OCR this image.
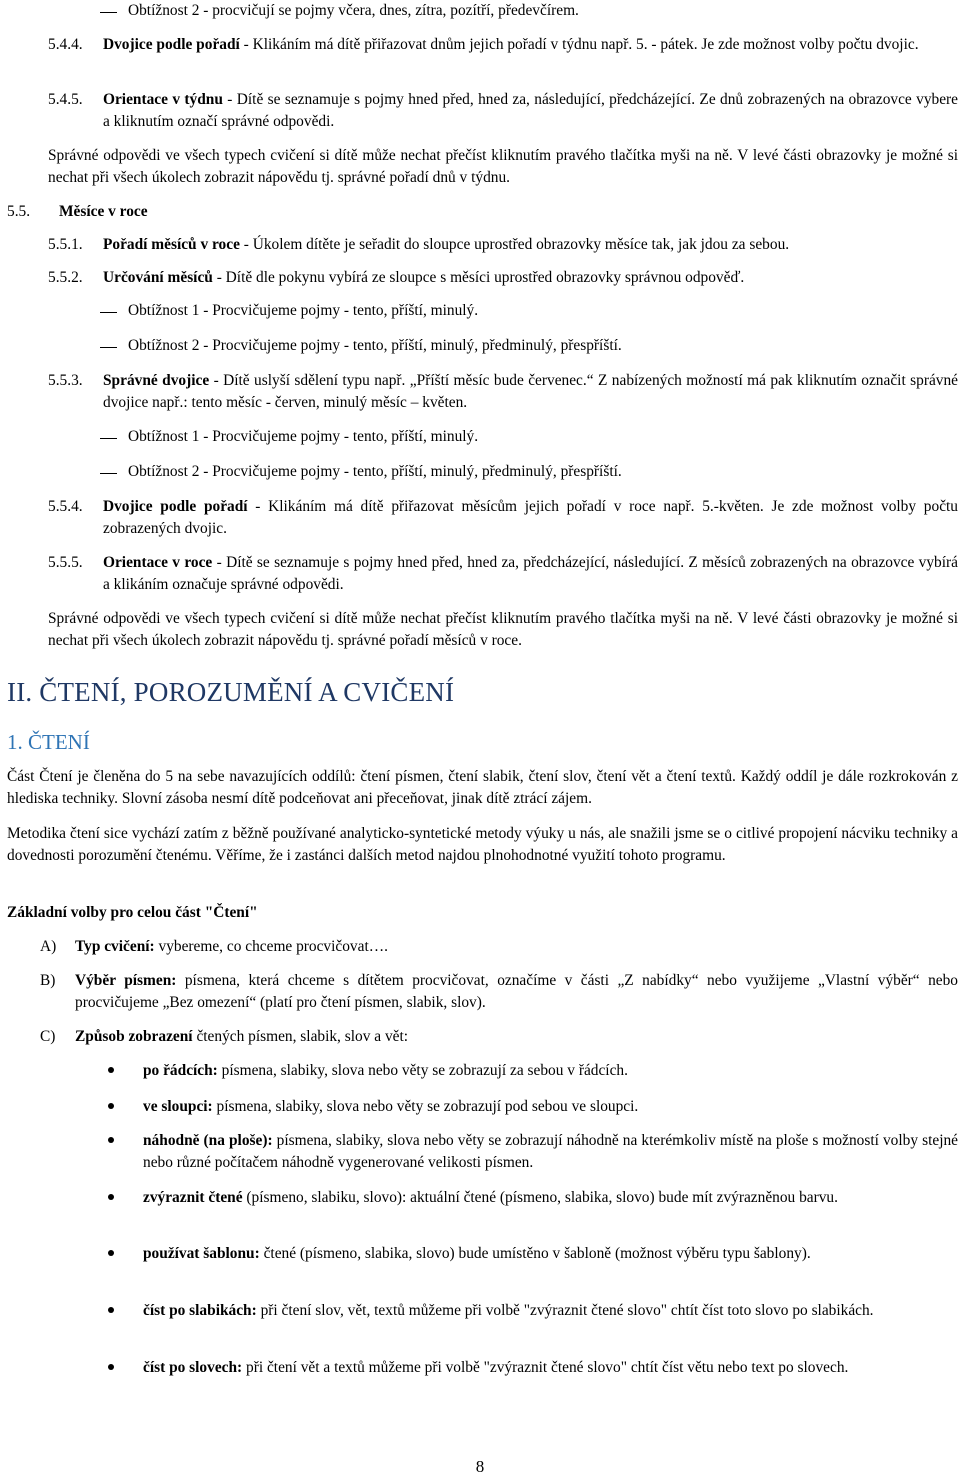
Obtížnost 2 - procvičují se pojmy včera, dnes, zítra, pozítří, předevčírem.

5.4.4. Dvojice podle pořadí - Klikáním má dítě přiřazovat dnům jejich pořadí v týdnu např. 5. - pátek. Je zde možnost volby počtu dvojic.

5.4.5. Orientace v týdnu - Dítě se seznamuje s pojmy hned před, hned za, následující, předcházející. Ze dnů zobrazených na obrazovce vybere a kliknutím označí správné odpovědi.

Správné odpovědi ve všech typech cvičení si dítě může nechat přečíst kliknutím pravého tlačítka myši na ně. V levé části obrazovky je možné si nechat při všech úkolech zobrazit nápovědu tj. správné pořadí dnů v týdnu.

5.5. Měsíce v roce
5.5.1. Pořadí měsíců v roce - Úkolem dítěte je seřadit do sloupce uprostřed obrazovky měsíce tak, jak jdou za sebou.

5.5.2. Určování měsíců - Dítě dle pokynu vybírá ze sloupce s měsíci uprostřed obrazovky správnou odpověď.

Obtížnost 1 - Procvičujeme pojmy - tento, příští, minulý.

Obtížnost 2 - Procvičujeme pojmy - tento, příští, minulý, předminulý, přespříští.

5.5.3. Správné dvojice - Dítě uslyší sdělení typu např. „Příští měsíc bude červenec.“ Z nabízených možností má pak kliknutím označit správné dvojice např.: tento měsíc - červen, minulý měsíc – květen.

Obtížnost 1 - Procvičujeme pojmy - tento, příští, minulý.

Obtížnost 2 - Procvičujeme pojmy - tento, příští, minulý, předminulý, přespříští.

5.5.4. Dvojice podle pořadí - Klikáním má dítě přiřazovat měsícům jejich pořadí v roce např. 5.-květen. Je zde možnost volby počtu zobrazených dvojic.

5.5.5. Orientace v roce - Dítě se seznamuje s pojmy hned před, hned za, předcházející, následující. Z měsíců zobrazených na obrazovce vybírá a klikáním označuje správné odpovědi.

Správné odpovědi ve všech typech cvičení si dítě může nechat přečíst kliknutím pravého tlačítka myši na ně. V levé části obrazovky je možné si nechat při všech úkolech zobrazit nápovědu tj. správné pořadí měsíců v roce.

II. ČTENÍ, POROZUMĚNÍ A CVIČENÍ
1. ČTENÍ

Část Čtení je členěna do 5 na sebe navazujících oddílů: čtení písmen, čtení slabik, čtení slov, čtení vět a čtení textů. Každý oddíl je dále rozkrokován z hlediska techniky. Slovní zásoba nesmí dítě podceňovat ani přeceňovat, jinak dítě ztrácí zájem.

Metodika čtení sice vychází zatím z běžně používané analyticko-syntetické metody výuky u nás, ale snažili jsme se o citlivé propojení nácviku techniky a dovednosti porozumění čtenému. Věříme, že i zastánci dalších metod najdou plnohodnotné využití tohoto programu.

Základní volby pro celou část "Čtení"

A) Typ cvičení: vybereme, co chceme procvičovat….

B) Výběr písmen: písmena, která chceme s dítětem procvičovat, označíme v části „Z nabídky“ nebo využijeme „Vlastní výběr“ nebo procvičujeme „Bez omezení“ (platí pro čtení písmen, slabik, slov).

C) Způsob zobrazení čtených písmen, slabik, slov a vět:

po řádcích: písmena, slabiky, slova nebo věty se zobrazují za sebou v řádcích.

ve sloupci: písmena, slabiky, slova nebo věty se zobrazují pod sebou ve sloupci.

náhodně (na ploše): písmena, slabiky, slova nebo věty se zobrazují náhodně na kterémkoliv místě na ploše s možností volby stejné nebo různé počítačem náhodně vygenerované velikosti písmen.

zvýraznit čtené (písmeno, slabiku, slovo): aktuální čtené (písmeno, slabika, slovo) bude mít zvýrazněnou barvu.

používat šablonu: čtené (písmeno, slabika, slovo) bude umístěno v šabloně (možnost výběru typu šablony).

číst po slabikách: při čtení slov, vět, textů můžeme při volbě "zvýraznit čtené slovo" chtít číst toto slovo po slabikách.

číst po slovech: při čtení vět a textů můžeme při volbě "zvýraznit čtené slovo" chtít číst větu nebo text po slovech.

8
